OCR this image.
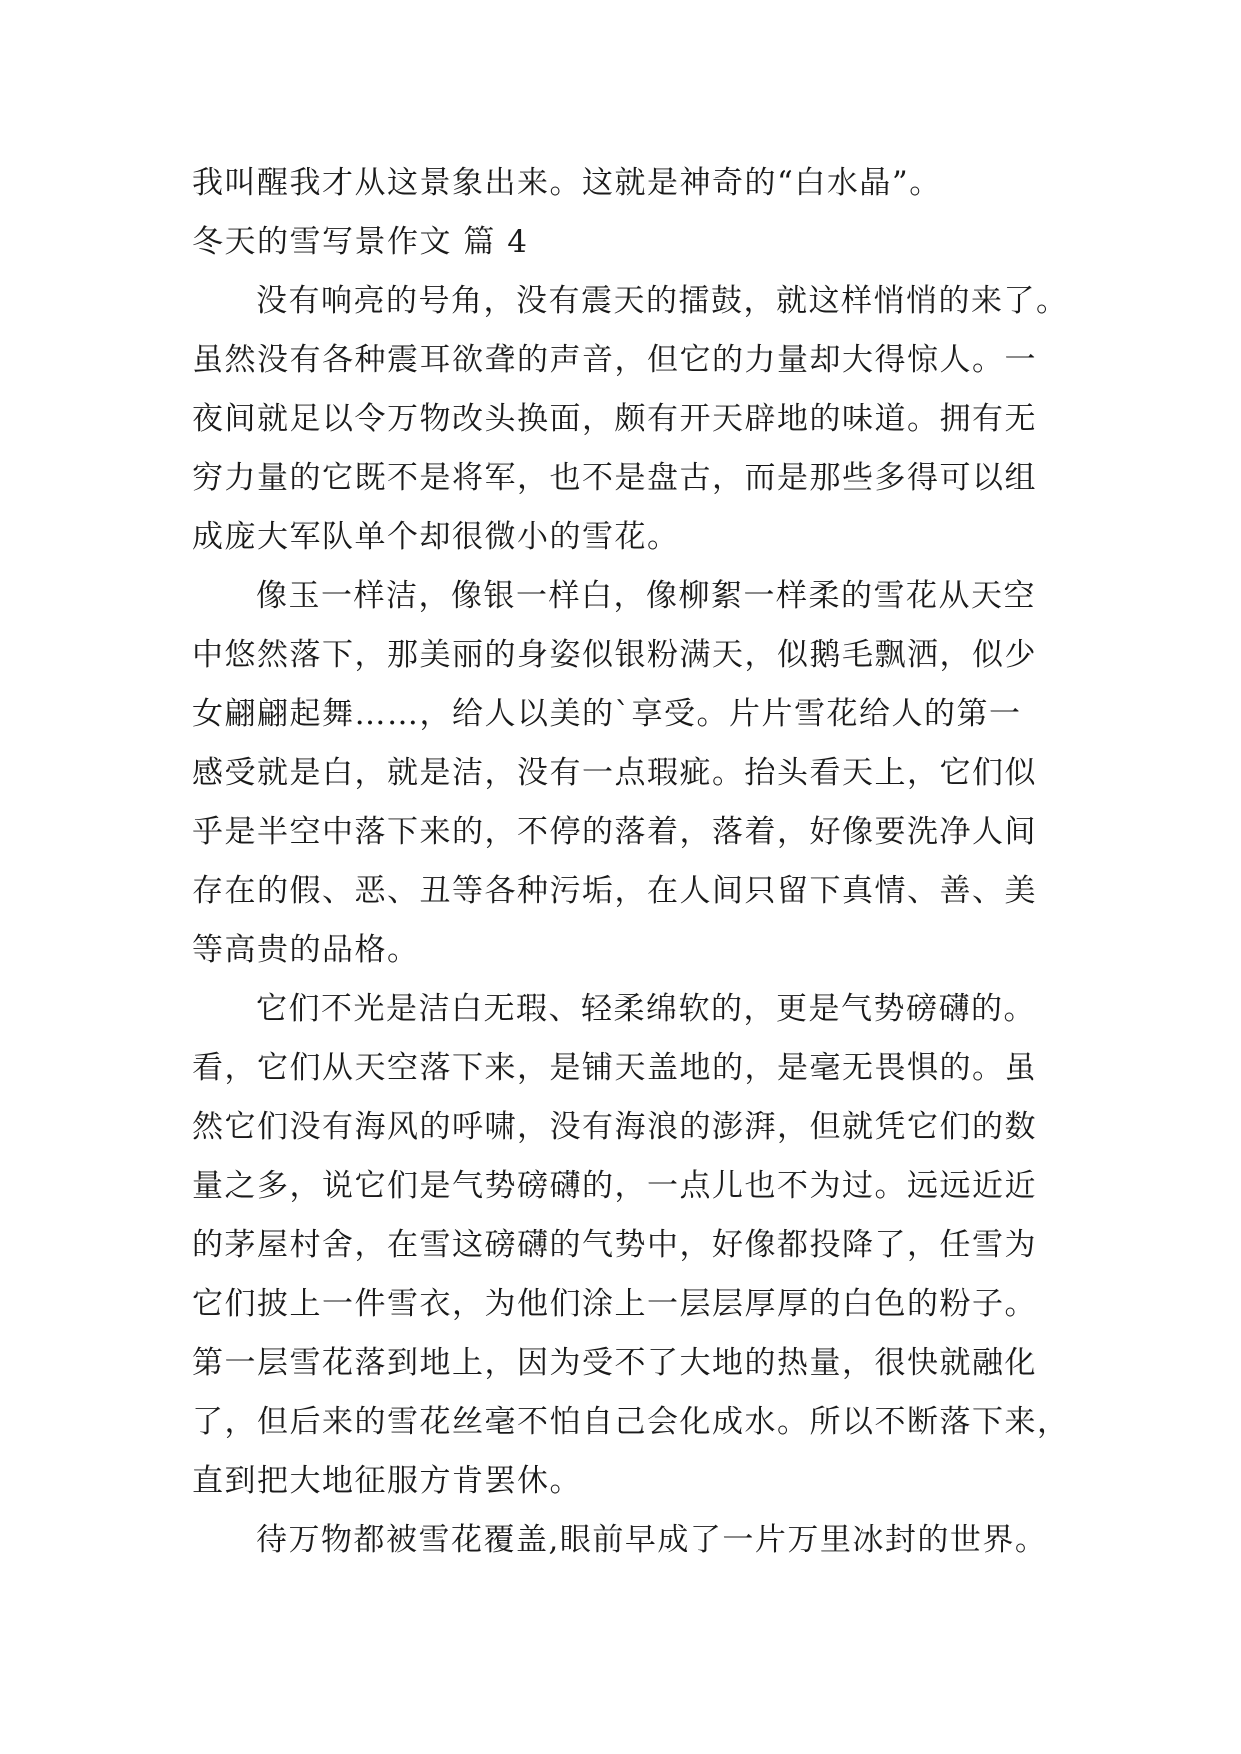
我叫醒我才从这景象出来。这就是神奇的“白水晶”。
冬天的雪写景作文 篇 4
没有响亮的号角，没有震天的擂鼓，就这样悄悄的来了。
虽然没有各种震耳欲聋的声音，但它的力量却大得惊人。一
夜间就足以令万物改头换面，颇有开天辟地的味道。拥有无
穷力量的它既不是将军，也不是盘古，而是那些多得可以组
成庞大军队单个却很微小的雪花。
像玉一样洁，像银一样白，像柳絮一样柔的雪花从天空
中悠然落下，那美丽的身姿似银粉满天，似鹅毛飘洒，似少
女翩翩起舞……，给人以美的`享受。片片雪花给人的第一
感受就是白，就是洁，没有一点瑕疵。抬头看天上，它们似
乎是半空中落下来的，不停的落着，落着，好像要洗净人间
存在的假、恶、丑等各种污垢，在人间只留下真情、善、美
等高贵的品格。
它们不光是洁白无瑕、轻柔绵软的，更是气势磅礴的。
看，它们从天空落下来，是铺天盖地的，是毫无畏惧的。虽
然它们没有海风的呼啸，没有海浪的澎湃，但就凭它们的数
量之多，说它们是气势磅礴的，一点儿也不为过。远远近近
的茅屋村舍，在雪这磅礴的气势中，好像都投降了，任雪为
它们披上一件雪衣，为他们涂上一层层厚厚的白色的粉子。
第一层雪花落到地上，因为受不了大地的热量，很快就融化
了，但后来的雪花丝毫不怕自己会化成水。所以不断落下来，
直到把大地征服方肯罢休。
待万物都被雪花覆盖,眼前早成了一片万里冰封的世界。
